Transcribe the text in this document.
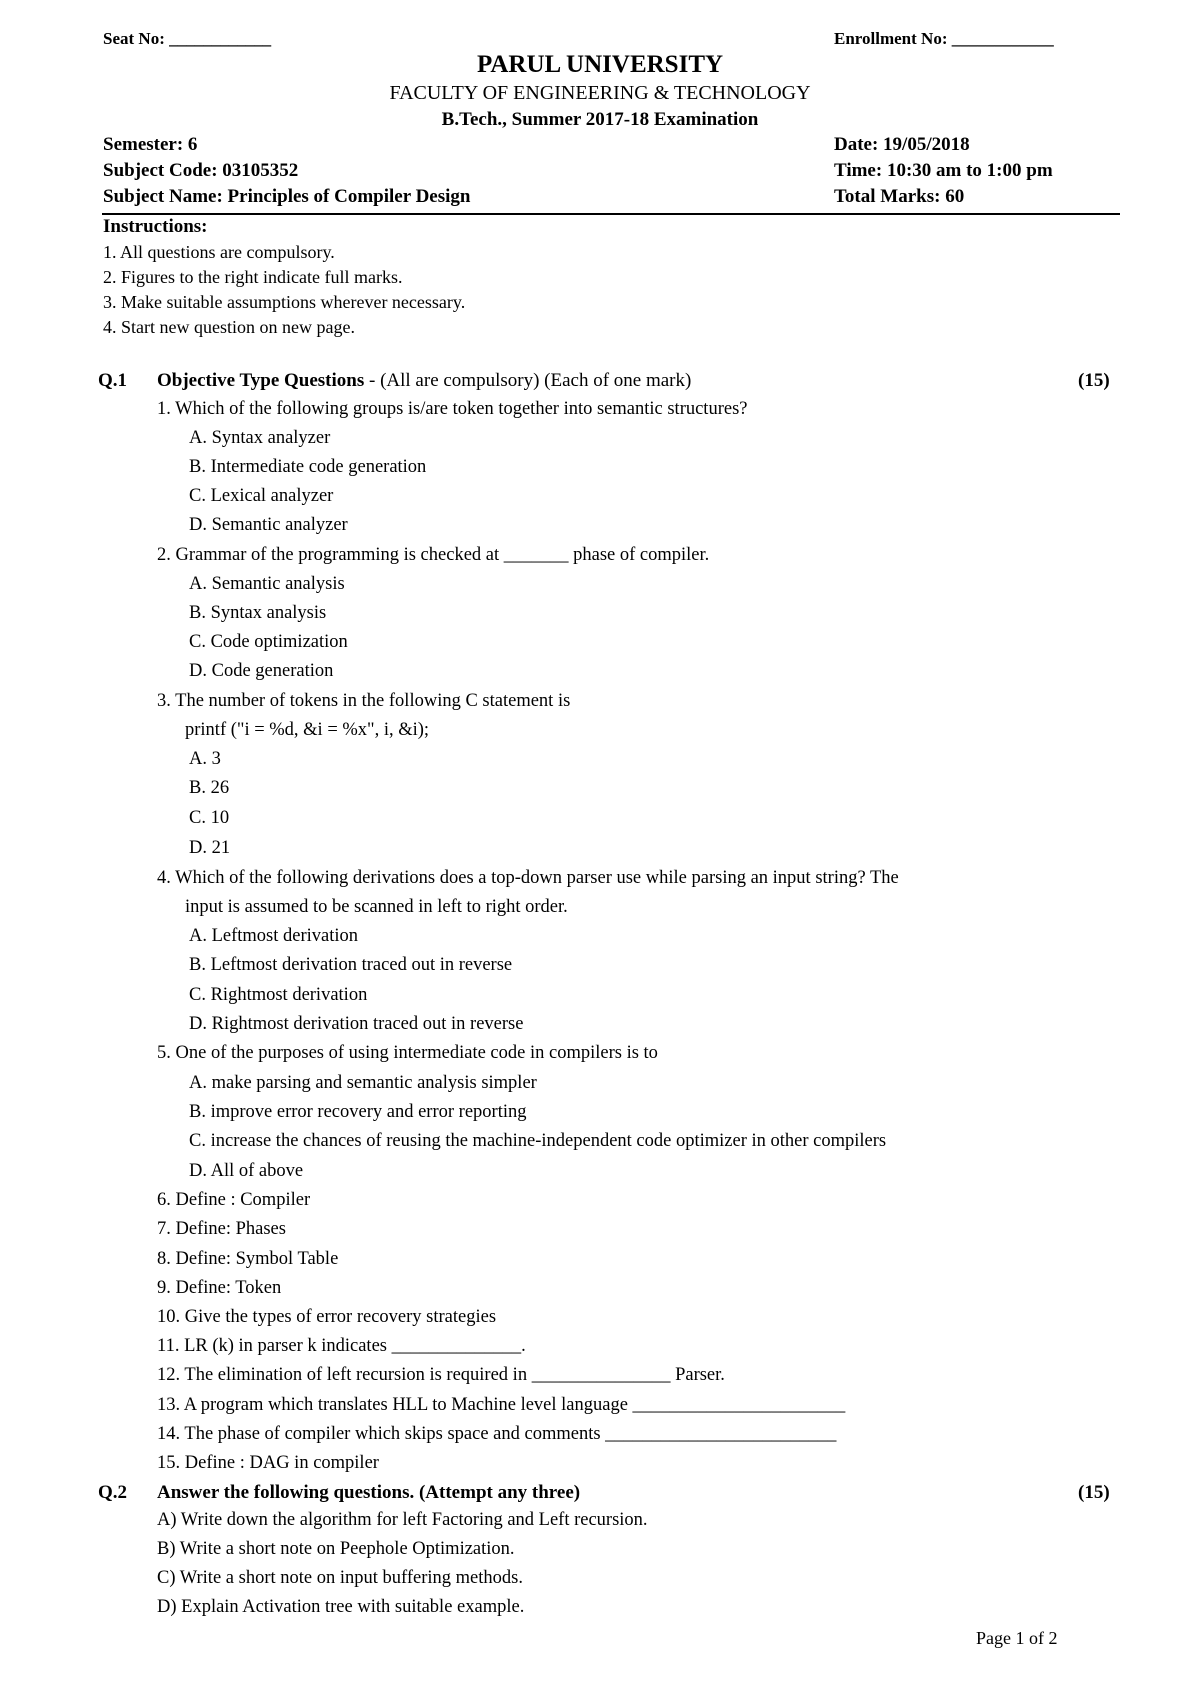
Seat No: ____________	Enrollment No: ____________
PARUL UNIVERSITY
FACULTY OF ENGINEERING & TECHNOLOGY
B.Tech., Summer 2017-18 Examination
Semester: 6	Date: 19/05/2018
Subject Code: 03105352	Time: 10:30 am to 1:00 pm
Subject Name: Principles of Compiler Design	Total Marks: 60
Instructions:
1. All questions are compulsory.
2. Figures to the right indicate full marks.
3. Make suitable assumptions wherever necessary.
4. Start new question on new page.
Q.1 Objective Type Questions - (All are compulsory) (Each of one mark)	(15)
1. Which of the following groups is/are token together into semantic structures?
A. Syntax analyzer
B. Intermediate code generation
C. Lexical analyzer
D. Semantic analyzer
2. Grammar of the programming is checked at _______ phase of compiler.
A. Semantic analysis
B. Syntax analysis
C. Code optimization
D. Code generation
3. The number of tokens in the following C statement is
printf ("i = %d, &i = %x", i, &i);
A. 3
B. 26
C. 10
D. 21
4. Which of the following derivations does a top-down parser use while parsing an input string? The
input is assumed to be scanned in left to right order.
A. Leftmost derivation
B. Leftmost derivation traced out in reverse
C. Rightmost derivation
D. Rightmost derivation traced out in reverse
5. One of the purposes of using intermediate code in compilers is to
A. make parsing and semantic analysis simpler
B. improve error recovery and error reporting
C. increase the chances of reusing the machine-independent code optimizer in other compilers
D. All of above
6. Define : Compiler
7. Define: Phases
8. Define: Symbol Table
9. Define: Token
10. Give the types of error recovery strategies
11. LR (k) in parser k indicates ______________.
12. The elimination of left recursion is required in _______________ Parser.
13. A program which translates HLL to Machine level language _______________________
14. The phase of compiler which skips space and comments _________________________
15. Define : DAG in compiler
Q.2 Answer the following questions. (Attempt any three)	(15)
A) Write down the algorithm for left Factoring and Left recursion.
B) Write a short note on Peephole Optimization.
C) Write a short note on input buffering methods.
D) Explain Activation tree with suitable example.
Page 1 of 2
